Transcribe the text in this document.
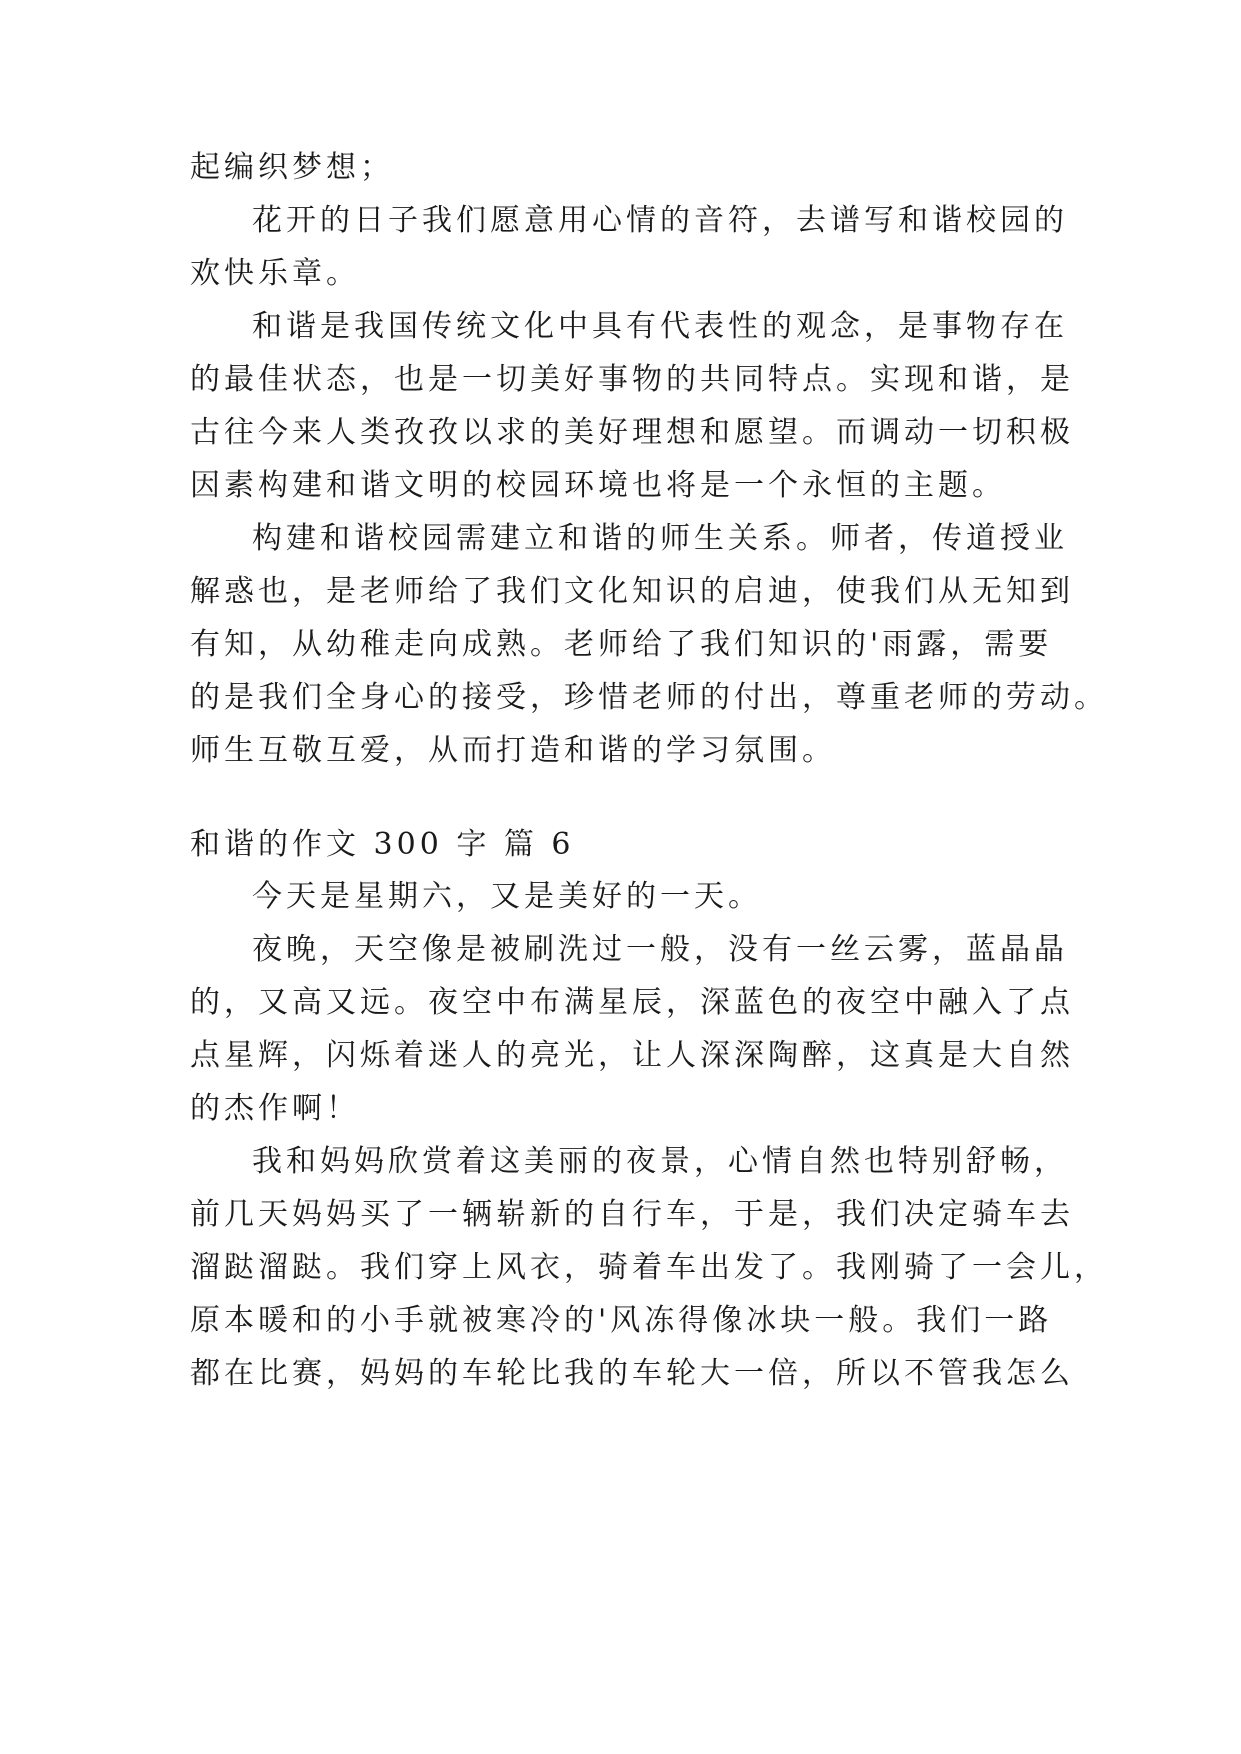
起编织梦想；
花开的日子我们愿意用心情的音符，去谱写和谐校园的
欢快乐章。
和谐是我国传统文化中具有代表性的观念，是事物存在
的最佳状态，也是一切美好事物的共同特点。实现和谐，是
古往今来人类孜孜以求的美好理想和愿望。而调动一切积极
因素构建和谐文明的校园环境也将是一个永恒的主题。
构建和谐校园需建立和谐的师生关系。师者，传道授业
解惑也，是老师给了我们文化知识的启迪，使我们从无知到
有知，从幼稚走向成熟。老师给了我们知识的'雨露，需要
的是我们全身心的接受，珍惜老师的付出，尊重老师的劳动。
师生互敬互爱，从而打造和谐的学习氛围。
和谐的作文 300 字 篇 6
今天是星期六，又是美好的一天。
夜晚，天空像是被刷洗过一般，没有一丝云雾，蓝晶晶
的，又高又远。夜空中布满星辰，深蓝色的夜空中融入了点
点星辉，闪烁着迷人的亮光，让人深深陶醉，这真是大自然
的杰作啊！
我和妈妈欣赏着这美丽的夜景，心情自然也特别舒畅，
前几天妈妈买了一辆崭新的自行车，于是，我们决定骑车去
溜跶溜跶。我们穿上风衣，骑着车出发了。我刚骑了一会儿，
原本暖和的小手就被寒冷的'风冻得像冰块一般。我们一路
都在比赛，妈妈的车轮比我的车轮大一倍，所以不管我怎么
